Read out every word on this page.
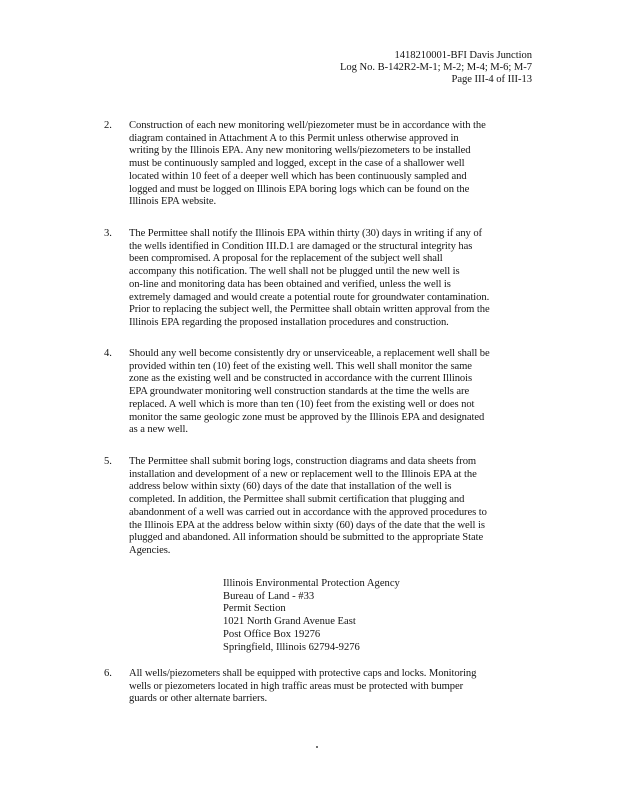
1418210001-BFI Davis Junction
Log No. B-142R2-M-1; M-2; M-4; M-6; M-7
Page III-4 of III-13
2. Construction of each new monitoring well/piezometer must be in accordance with the
diagram contained in Attachment A to this Permit unless otherwise approved in
writing by the Illinois EPA. Any new monitoring wells/piezometers to be installed
must be continuously sampled and logged, except in the case of a shallower well
located within 10 feet of a deeper well which has been continuously sampled and
logged and must be logged on Illinois EPA boring logs which can be found on the
Illinois EPA website.
3. The Permittee shall notify the Illinois EPA within thirty (30) days in writing if any of
the wells identified in Condition III.D.1 are damaged or the structural integrity has
been compromised. A proposal for the replacement of the subject well shall
accompany this notification. The well shall not be plugged until the new well is
on-line and monitoring data has been obtained and verified, unless the well is
extremely damaged and would create a potential route for groundwater contamination.
Prior to replacing the subject well, the Permittee shall obtain written approval from the
Illinois EPA regarding the proposed installation procedures and construction.
4. Should any well become consistently dry or unserviceable, a replacement well shall be
provided within ten (10) feet of the existing well. This well shall monitor the same
zone as the existing well and be constructed in accordance with the current Illinois
EPA groundwater monitoring well construction standards at the time the wells are
replaced. A well which is more than ten (10) feet from the existing well or does not
monitor the same geologic zone must be approved by the Illinois EPA and designated
as a new well.
5. The Permittee shall submit boring logs, construction diagrams and data sheets from
installation and development of a new or replacement well to the Illinois EPA at the
address below within sixty (60) days of the date that installation of the well is
completed. In addition, the Permittee shall submit certification that plugging and
abandonment of a well was carried out in accordance with the approved procedures to
the Illinois EPA at the address below within sixty (60) days of the date that the well is
plugged and abandoned. All information should be submitted to the appropriate State
Agencies.
Illinois Environmental Protection Agency
Bureau of Land - #33
Permit Section
1021 North Grand Avenue East
Post Office Box 19276
Springfield, Illinois 62794-9276
6. All wells/piezometers shall be equipped with protective caps and locks. Monitoring
wells or piezometers located in high traffic areas must be protected with bumper
guards or other alternate barriers.
